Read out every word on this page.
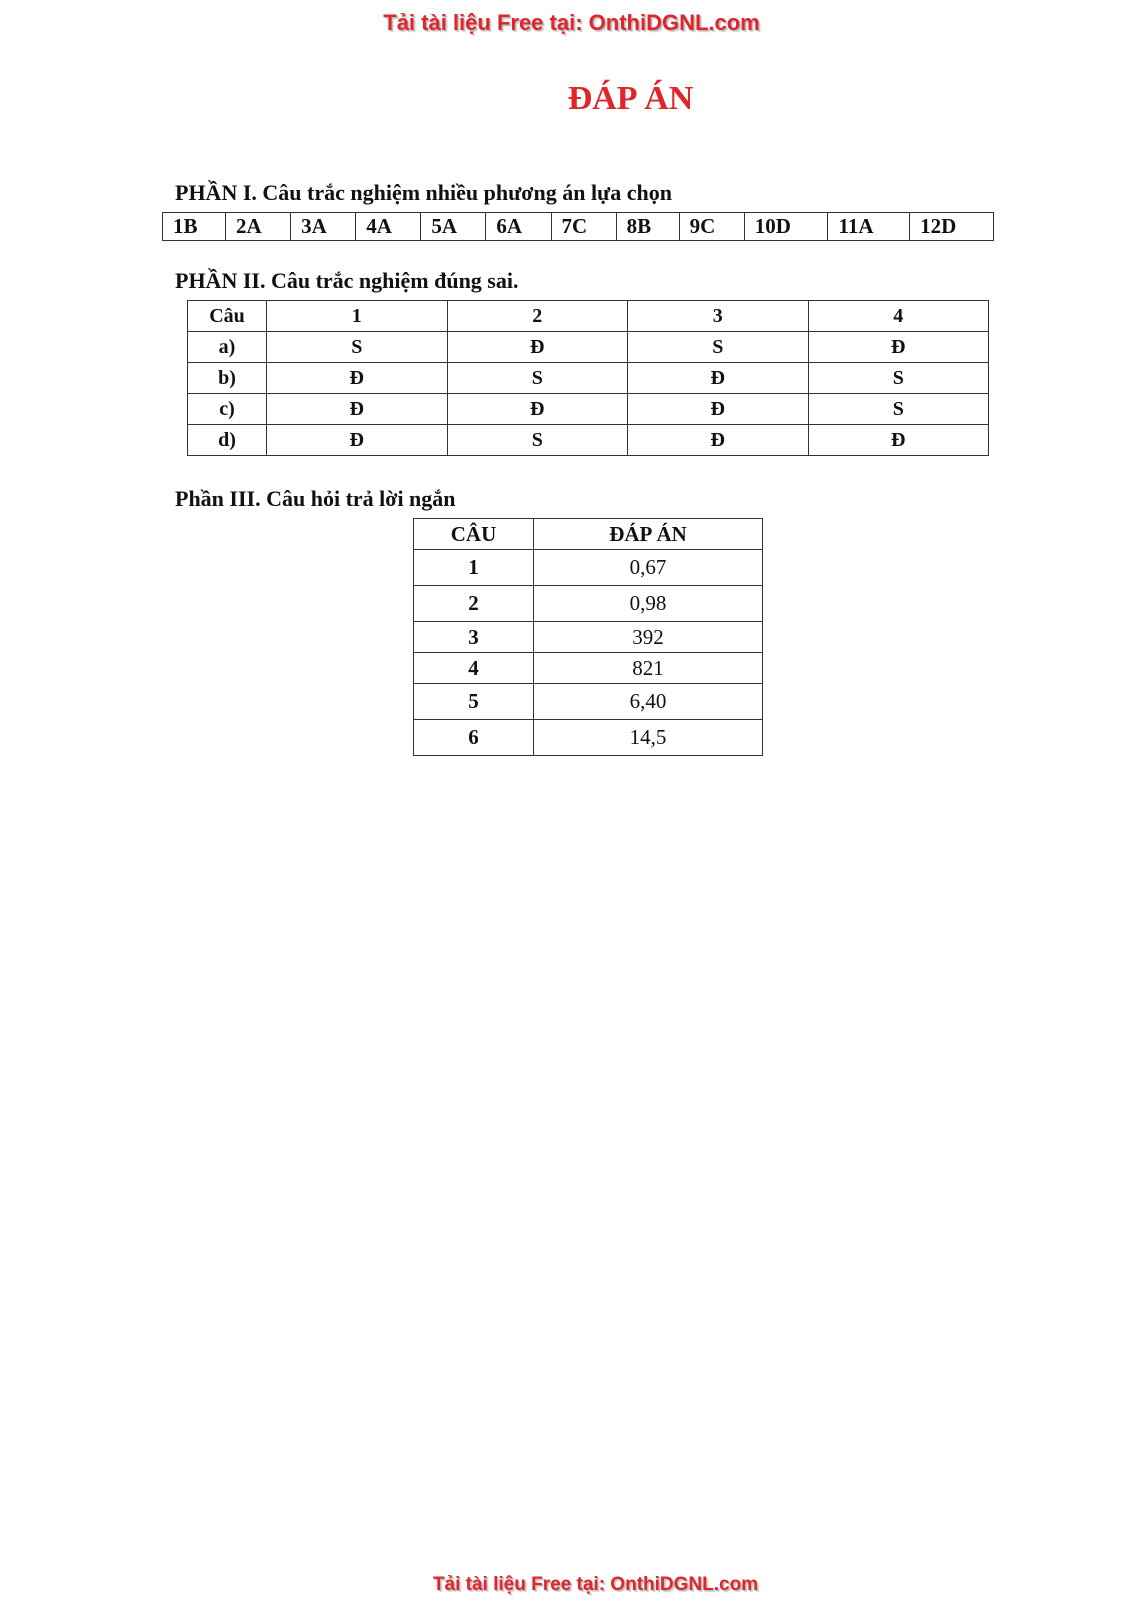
Tải tài liệu Free tại: OnthiDGNL.com
ĐÁP ÁN
PHẦN I. Câu trắc nghiệm nhiều phương án lựa chọn
1B	2A	3A	4A	5A	6A	7C	8B	9C	10D	11A	12D
PHẦN II. Câu trắc nghiệm đúng sai.
Câu	1	2	3	4
a)	S	Đ	S	Đ
b)	Đ	S	Đ	S
c)	Đ	Đ	Đ	S
d)	Đ	S	Đ	Đ
Phần III. Câu hỏi trả lời ngắn
CÂU	ĐÁP ÁN
1	0,67
2	0,98
3	392
4	821
5	6,40
6	14,5
Tải tài liệu Free tại: OnthiDGNL.com
